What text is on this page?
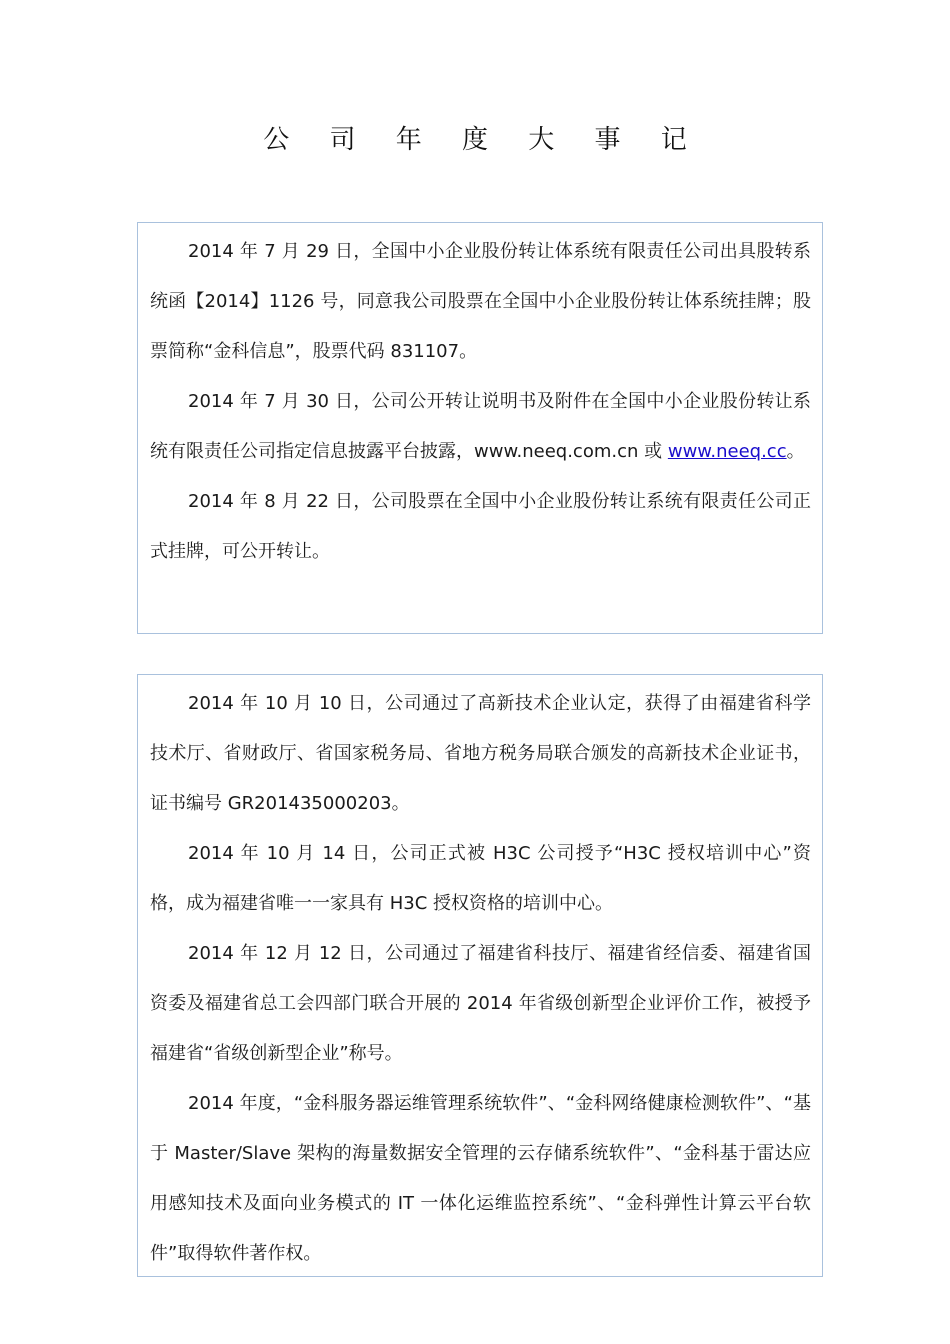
公 司 年 度 大 事 记

2014 年 7 月 29 日，全国中小企业股份转让体系统有限责任公司出具股转系统函【2014】1126 号，同意我公司股票在全国中小企业股份转让体系统挂牌；股票简称“金科信息”，股票代码 831107。

2014 年 7 月 30 日，公司公开转让说明书及附件在全国中小企业股份转让系统有限责任公司指定信息披露平台披露，www.neeq.com.cn 或 www.neeq.cc。

2014 年 8 月 22 日，公司股票在全国中小企业股份转让系统有限责任公司正式挂牌，可公开转让。

2014 年 10 月 10 日，公司通过了高新技术企业认定，获得了由福建省科学技术厅、省财政厅、省国家税务局、省地方税务局联合颁发的高新技术企业证书，证书编号 GR201435000203。

2014 年 10 月 14 日，公司正式被 H3C 公司授予“H3C 授权培训中心”资格，成为福建省唯一一家具有 H3C 授权资格的培训中心。

2014 年 12 月 12 日，公司通过了福建省科技厅、福建省经信委、福建省国资委及福建省总工会四部门联合开展的 2014 年省级创新型企业评价工作，被授予福建省“省级创新型企业”称号。

2014 年度，“金科服务器运维管理系统软件”、“金科网络健康检测软件”、“基于 Master/Slave 架构的海量数据安全管理的云存储系统软件”、“金科基于雷达应用感知技术及面向业务模式的 IT 一体化运维监控系统”、“金科弹性计算云平台软件”取得软件著作权。
